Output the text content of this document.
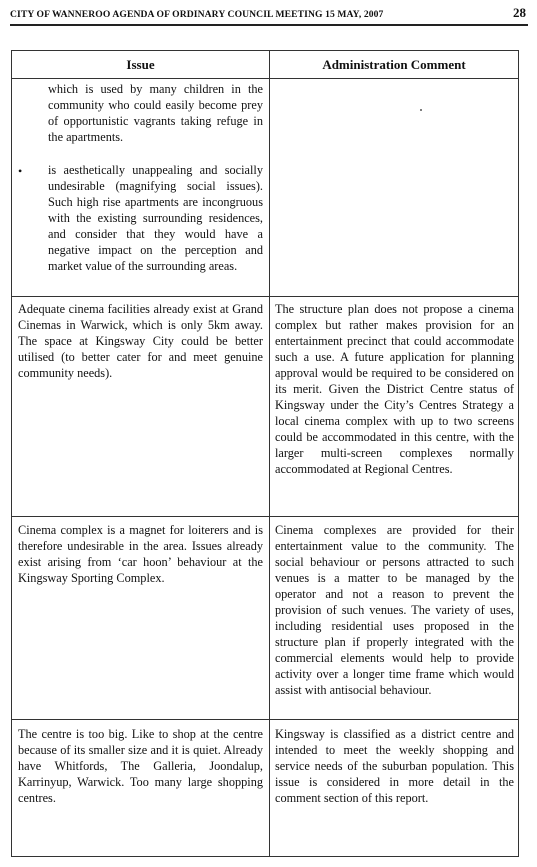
CITY OF WANNEROO AGENDA OF ORDINARY COUNCIL MEETING 15 MAY, 2007	28
Issue	Administration Comment

which is used by many children in the community who could easily become prey of opportunistic vagrants taking refuge in the apartments.

• is aesthetically unappealing and socially undesirable (magnifying social issues). Such high rise apartments are incongruous with the existing surrounding residences, and consider that they would have a negative impact on the perception and market value of the surrounding areas.

Adequate cinema facilities already exist at Grand Cinemas in Warwick, which is only 5km away. The space at Kingsway City could be better utilised (to better cater for and meet genuine community needs).
The structure plan does not propose a cinema complex but rather makes provision for an entertainment precinct that could accommodate such a use. A future application for planning approval would be required to be considered on its merit. Given the District Centre status of Kingsway under the City’s Centres Strategy a local cinema complex with up to two screens could be accommodated in this centre, with the larger multi-screen complexes normally accommodated at Regional Centres.
Cinema complex is a magnet for loiterers and is therefore undesirable in the area. Issues already exist arising from ‘car hoon’ behaviour at the Kingsway Sporting Complex.
Cinema complexes are provided for their entertainment value to the community. The social behaviour or persons attracted to such venues is a matter to be managed by the operator and not a reason to prevent the provision of such venues. The variety of uses, including residential uses proposed in the structure plan if properly integrated with the commercial elements would help to provide activity over a longer time frame which would assist with antisocial behaviour.
The centre is too big. Like to shop at the centre because of its smaller size and it is quiet. Already have Whitfords, The Galleria, Joondalup, Karrinyup, Warwick. Too many large shopping centres.
Kingsway is classified as a district centre and intended to meet the weekly shopping and service needs of the suburban population. This issue is considered in more detail in the comment section of this report.
